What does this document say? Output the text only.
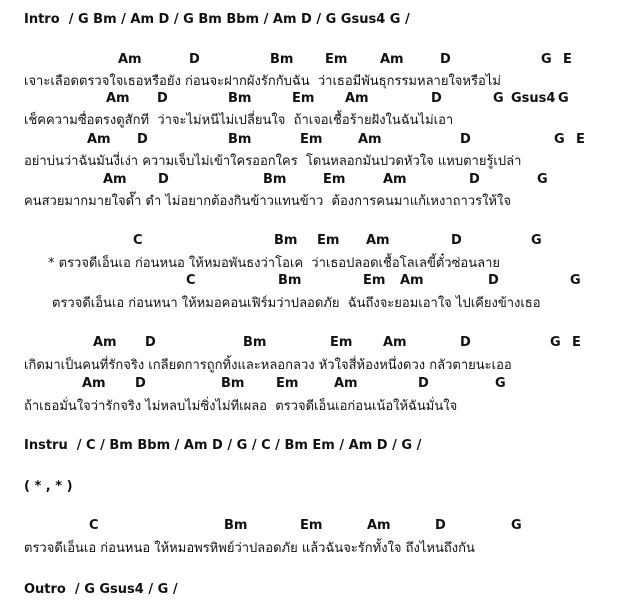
Intro  / G Bm / Am D / G Bm Bbm / Am D / G Gsus4 G /
Am	D	Bm Em	Am	D	G E
เจาะเลือดตรวจใจเธอหรือยัง ก่อนจะฝากผังรักกับฉัน  ว่าเธอมีพันธุกรรมหลายใจหรือไม่
Am D	Bm	Em Am	D	G Gsus4 G
เช็คความซื่อตรงดูสักที  ว่าจะไม่หนีไม่เปลี่ยนใจ  ถ้าเจอเชื้อร้ายฝังในฉันไม่เอา
Am D	Bm	Em	Am	D	G E
อย่าบ่นว่าฉันมันงี่เง่า ความเจ็บไม่เข้าใครออกใคร  โดนหลอกมันปวดหัวใจ แหบตายรู้เปล่า
Am D	Bm	Em	Am	D	G
คนสวยมากมายใจด๊ำ ดำ ไม่อยากต้องกินข้าวแทนข้าว  ต้องการคนมาแก้เหงาถาวรให้ใจ
C	Bm Em Am	D	G
* ตรวจดีเอ็นเอ ก่อนหนอ ให้หมอพันธงว่าโอเค  ว่าเธอปลอดเชื้อโลเลขี้ตั๋วซ่อนลาย
C	Bm	Em Am	D	G
ตรวจดีเอ็นเอ ก่อนหนา ให้หมอคอนเฟิร์มว่าปลอดภัย  ฉันถึงจะยอมเอาใจ ไปเคียงข้างเธอ
Am D	Bm	Em Am	D	G E
เกิดมาเป็นคนที่รักจริง เกลียดการถูกทิ้งและหลอกลวง หัวใจสี่ห้องหนึ่งดวง กลัวตายนะเออ
Am D	Bm Em	Am	D	G
ถ้าเธอมั่นใจว่ารักจริง ไม่หลบไม่ซิ่งไม่ทีเผลอ  ตรวจดีเอ็นเอก่อนเน้อให้ฉันมั่นใจ
Instru  / C / Bm Bbm / Am D / G / C / Bm Em / Am D / G /
( * , * )
C	Bm	Em	Am	D	G
ตรวจดีเอ็นเอ ก่อนหนอ ให้หมอพรหิพย์ว่าปลอดภัย แล้วฉันจะรักทั้งใจ ถึงไหนถึงกัน
Outro  / G Gsus4 / G /
